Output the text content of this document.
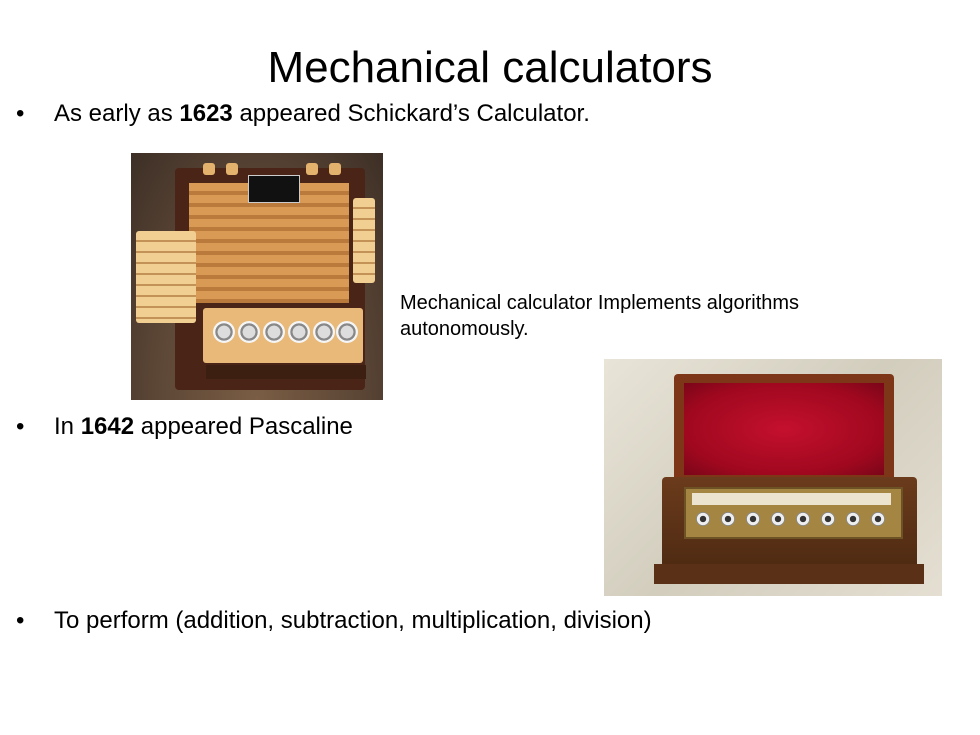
Mechanical calculators
• As early as 1623 appeared Schickard’s Calculator.
Mechanical calculator Implements algorithms autonomously.
• In 1642 appeared Pascaline
• To perform (addition, subtraction, multiplication, division)
